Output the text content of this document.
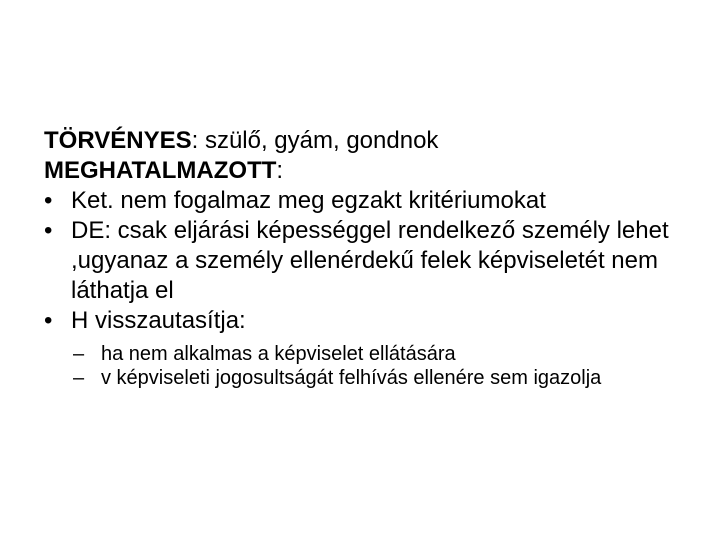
TÖRVÉNYES: szülő, gyám, gondnok

MEGHATALMAZOTT:

• Ket. nem fogalmaz meg egzakt kritériumokat
• DE: csak eljárási képességgel rendelkező személy lehet ,ugyanaz a személy ellenérdekű felek képviseletét nem láthatja el
• H visszautasítja:
– ha nem alkalmas a képviselet ellátására
– v képviseleti jogosultságát felhívás ellenére sem igazolja
